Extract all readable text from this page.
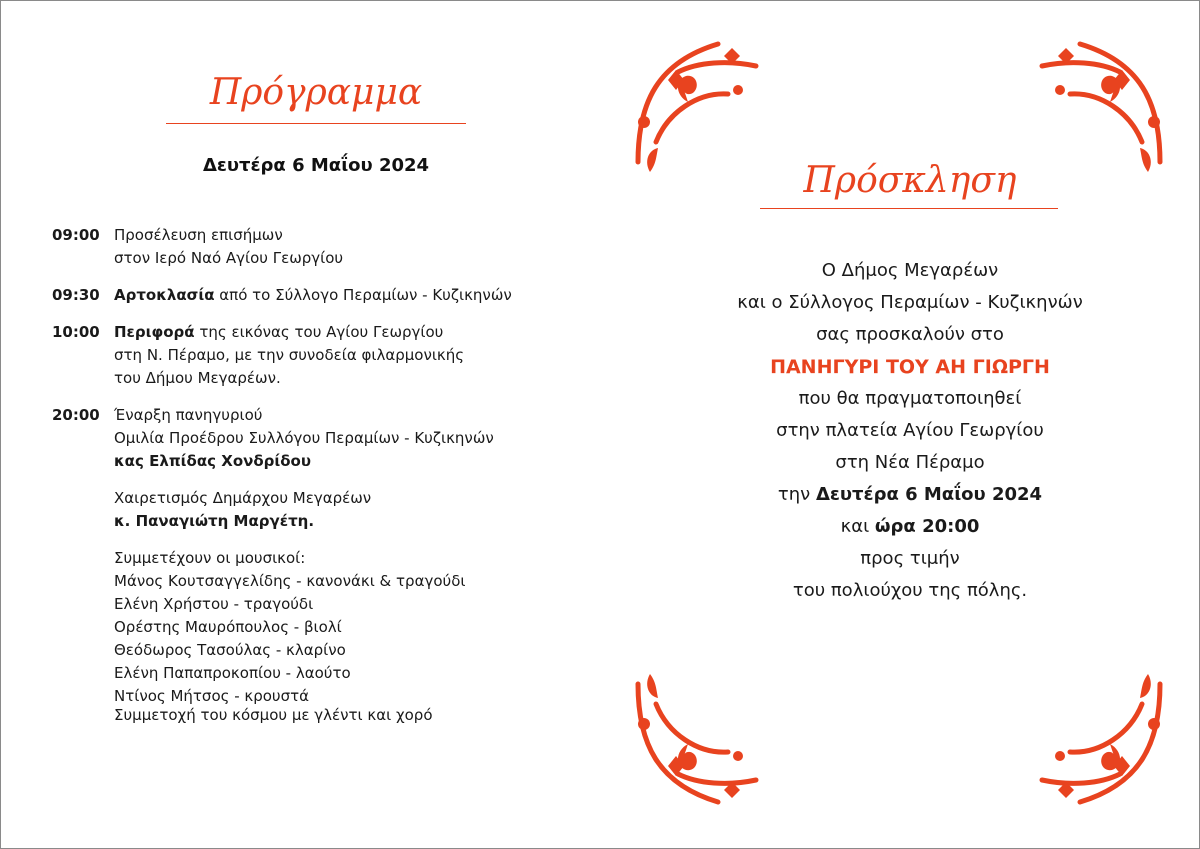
Πρόγραμμα
Δευτέρα 6 Μαΐου 2024
09:00 Προσέλευση επισήμων
στον Ιερό Ναό Αγίου Γεωργίου
09:30 Αρτοκλασία από το Σύλλογο Περαμίων - Κυζικηνών
10:00 Περιφορά της εικόνας του Αγίου Γεωργίου
στη Ν. Πέραμο, με την συνοδεία φιλαρμονικής
του Δήμου Μεγαρέων.
20:00 Έναρξη πανηγυριού
Ομιλία Προέδρου Συλλόγου Περαμίων - Κυζικηνών
κας Ελπίδας Χονδρίδου
Χαιρετισμός Δημάρχου Μεγαρέων
κ. Παναγιώτη Μαργέτη.
Συμμετέχουν οι μουσικοί:
Μάνος Κουτσαγγελίδης - κανονάκι & τραγούδι
Ελένη Χρήστου - τραγούδι
Ορέστης Μαυρόπουλος - βιολί
Θεόδωρος Τασούλας - κλαρίνο
Ελένη Παπαπροκοπίου - λαούτο
Ντίνος Μήτσος - κρουστά
Συμμετοχή του κόσμου με γλέντι και χορό
Πρόσκληση
Ο Δήμος Μεγαρέων
και ο Σύλλογος Περαμίων - Κυζικηνών
σας προσκαλούν στο
ΠΑΝΗΓΥΡΙ ΤΟΥ ΑΗ ΓΙΩΡΓΗ
που θα πραγματοποιηθεί
στην πλατεία Αγίου Γεωργίου
στη Νέα Πέραμο
την Δευτέρα 6 Μαΐου 2024
και ώρα 20:00
προς τιμήν
του πολιούχου της πόλης.
